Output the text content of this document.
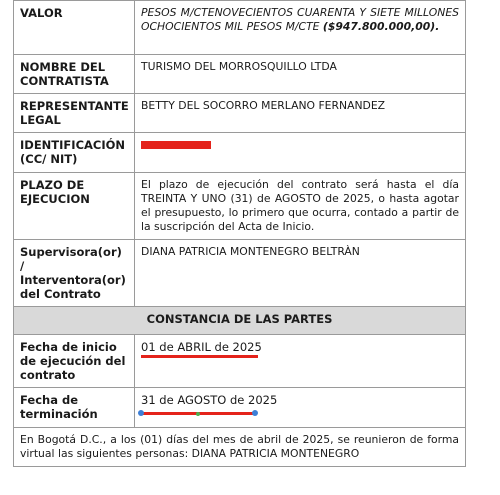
VALOR	PESOS M/CTENOVECIENTOS CUARENTA Y SIETE MILLONES OCHOCIENTOS MIL PESOS M/CTE ($947.800.000,00).
NOMBRE DEL CONTRATISTA	TURISMO DEL MORROSQUILLO LTDA
REPRESENTANTE LEGAL	BETTY DEL SOCORRO MERLANO FERNANDEZ
IDENTIFICACIÓN (CC/ NIT)	
PLAZO DE EJECUCION	El plazo de ejecución del contrato será hasta el día TREINTA Y UNO (31) de AGOSTO de 2025, o hasta agotar el presupuesto, lo primero que ocurra, contado a partir de la suscripción del Acta de Inicio.
Supervisora(or) / Interventora(or) del Contrato	DIANA PATRICIA MONTENEGRO BELTRÀN
CONSTANCIA DE LAS PARTES	
Fecha de inicio de ejecución del contrato	01 de ABRIL de 2025

Fecha de terminación	31 de AGOSTO de 2025
En Bogotá D.C., a los (01) días del mes de abril de 2025, se reunieron de forma virtual las siguientes personas: DIANA PATRICIA MONTENEGRO
